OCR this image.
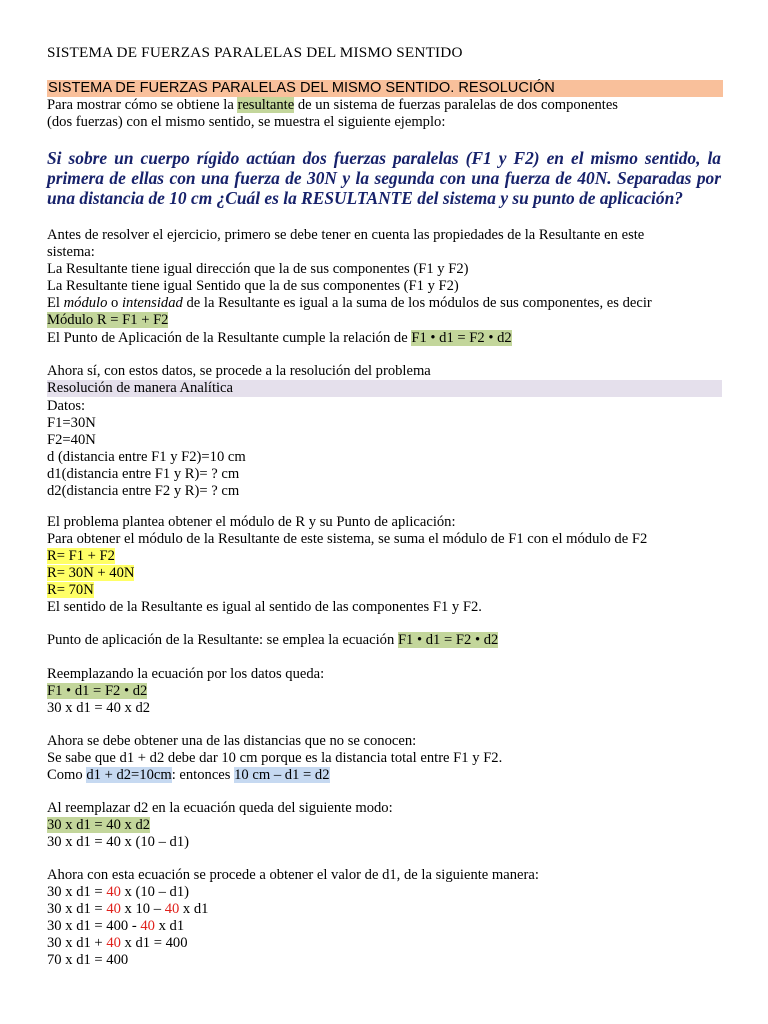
SISTEMA DE FUERZAS PARALELAS DEL MISMO SENTIDO
SISTEMA DE FUERZAS PARALELAS DEL MISMO SENTIDO. RESOLUCIÓN
Para mostrar cómo se obtiene la resultante de un sistema de fuerzas paralelas de dos componentes
(dos fuerzas) con el mismo sentido, se muestra el siguiente ejemplo:
Si sobre un cuerpo rígido actúan dos fuerzas paralelas (F1 y F2) en el mismo sentido, la primera de ellas con una fuerza de 30N y la segunda con una fuerza de 40N. Separadas por una distancia de 10 cm ¿Cuál es la RESULTANTE del sistema y su punto de aplicación?
Antes de resolver el ejercicio, primero se debe tener en cuenta las propiedades de la Resultante en este
sistema:
La Resultante tiene igual dirección que la de sus componentes (F1 y F2)
La Resultante tiene igual Sentido que la de sus componentes (F1 y F2)
El módulo o intensidad de la Resultante es igual a la suma de los módulos de sus componentes, es decir
Módulo R = F1 + F2
El Punto de Aplicación de la Resultante cumple la relación de F1 • d1 = F2 • d2
Ahora sí, con estos datos, se procede a la resolución del problema
Resolución de manera Analítica
Datos:
F1=30N
F2=40N
d (distancia entre F1 y F2)=10 cm
d1(distancia entre F1 y R)= ? cm
d2(distancia entre F2 y R)= ? cm
El problema plantea obtener el módulo de R y su Punto de aplicación:
Para obtener el módulo de la Resultante de este sistema, se suma el módulo de F1 con el módulo de F2
R= F1 + F2
R= 30N + 40N
R= 70N
El sentido de la Resultante es igual al sentido de las componentes F1 y F2.
Punto de aplicación de la Resultante: se emplea la ecuación F1 • d1 = F2 • d2
Reemplazando la ecuación por los datos queda:
F1 • d1 = F2 • d2
30 x d1 = 40 x d2
Ahora se debe obtener una de las distancias que no se conocen:
Se sabe que d1 + d2 debe dar 10 cm porque es la distancia total entre F1 y F2.
Como d1 + d2=10cm: entonces 10 cm – d1 = d2
Al reemplazar d2 en la ecuación queda del siguiente modo:
30 x d1 = 40 x d2
30 x d1 = 40 x (10 – d1)
Ahora con esta ecuación se procede a obtener el valor de d1, de la siguiente manera:
30 x d1 = 40 x (10 – d1)
30 x d1 = 40 x 10 – 40 x d1
30 x d1 = 400 - 40 x d1
30 x d1 + 40 x d1 = 400
70 x d1 = 400
